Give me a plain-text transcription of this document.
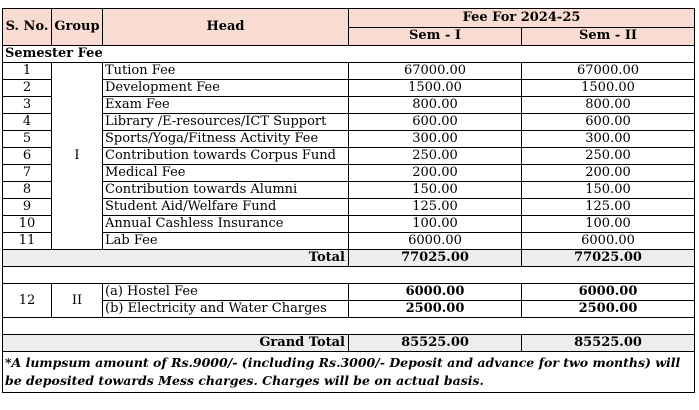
S. No.	Group	Head	Fee For 2024-25	
			Sem - I	Sem - II
Semester Fee				
1	I	Tution Fee	67000.00	67000.00
2		Development Fee	1500.00	1500.00
3		Exam Fee	800.00	800.00
4		Library /E-resources/ICT Support	600.00	600.00
5		Sports/Yoga/Fitness Activity Fee	300.00	300.00
6		Contribution towards Corpus Fund	250.00	250.00
7		Medical Fee	200.00	200.00
8		Contribution towards Alumni	150.00	150.00
9		Student Aid/Welfare Fund	125.00	125.00
10		Annual Cashless Insurance	100.00	100.00
11		Lab Fee	6000.00	6000.00
Total			77025.00	77025.00

12	II	(a) Hostel Fee	6000.00	6000.00
		(b) Electricity and Water Charges	2500.00	2500.00

Grand Total			85525.00	85525.00
*A lumpsum amount of Rs.9000/- (including Rs.3000/- Deposit and advance for two months) will be deposited towards Mess charges. Charges will be on actual basis.				
